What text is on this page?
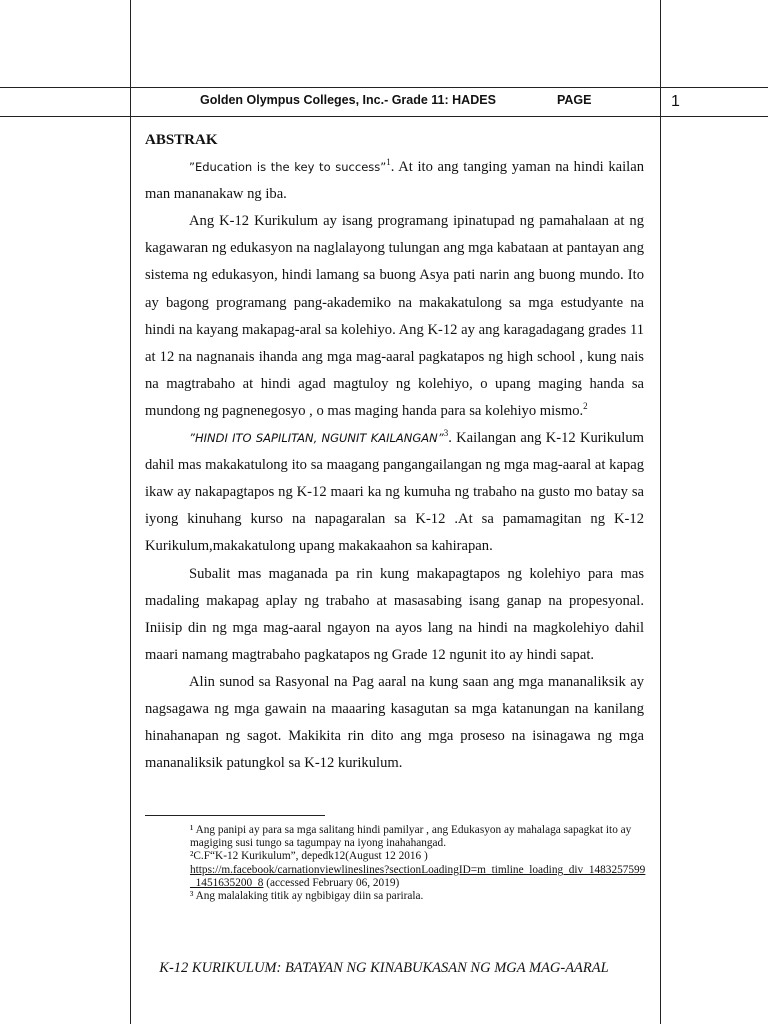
Golden Olympus Colleges, Inc.- Grade 11: HADES	PAGE	1
ABSTRAK

”Education is the key to success”$^1$. At ito ang tanging yaman na hindi kailan man mananakaw ng iba.

Ang K-12 Kurikulum ay isang programang ipinatupad ng pamahalaan at ng kagawaran ng edukasyon na naglalayong tulungan ang mga kabataan at pantayan ang sistema ng edukasyon, hindi lamang sa buong Asya pati narin ang buong mundo. Ito ay bagong programang pang-akademiko na makakatulong sa mga estudyante na hindi na kayang makapag-aral sa kolehiyo. Ang K-12 ay ang karagadagang grades 11 at 12 na nagnanais ihanda ang mga mag-aaral pagkatapos ng high school , kung nais na magtrabaho at hindi agad magtuloy ng kolehiyo, o upang maging handa sa mundong ng pagnenegosyo , o mas maging handa para sa kolehiyo mismo.$^2$

”HINDI ITO SAPILITAN, NGUNIT KAILANGAN”$^3$. Kailangan ang K-12 Kurikulum dahil mas makakatulong ito sa maagang pangangailangan ng mga mag-aaral at kapag ikaw ay nakapagtapos ng K-12 maari ka ng kumuha ng trabaho na gusto mo batay sa iyong kinuhang kurso na napagaralan sa K-12 .At sa pamamagitan ng K-12 Kurikulum,makakatulong upang makakaahon sa kahirapan.

Subalit mas maganada pa rin kung makapagtapos ng kolehiyo para mas madaling makapag aplay ng trabaho at masasabing isang ganap na propesyonal. Iniisip din ng mga mag-aaral ngayon na ayos lang na hindi na magkolehiyo dahil maari namang magtrabaho pagkatapos ng Grade 12 ngunit ito ay hindi sapat.

Alin sunod sa Rasyonal na Pag aaral na kung saan ang mga mananaliksik ay nagsagawa ng mga gawain na maaaring kasagutan sa mga katanungan na kanilang hinahanapan ng sagot. Makikita rin dito ang mga proseso na isinagawa ng mga mananaliksik patungkol sa K-12 kurikulum.

¹ Ang panipi ay para sa mga salitang hindi pamilyar , ang Edukasyon ay mahalaga sapagkat ito ay magiging susi tungo sa tagumpay na iyong inahahangad.
²C.F“K-12 Kurikulum”, depedk12(August 12 2016 )
https://m.facebook/carnationviewlineslines?sectionLoadingID=m_timline_loading_div_1483257599_1451635200_8 (accessed February 06, 2019)
³ Ang malalaking titik ay ngbibigay diin sa parirala.
K-12 KURIKULUM: BATAYAN NG KINABUKASAN NG MGA MAG-AARAL
